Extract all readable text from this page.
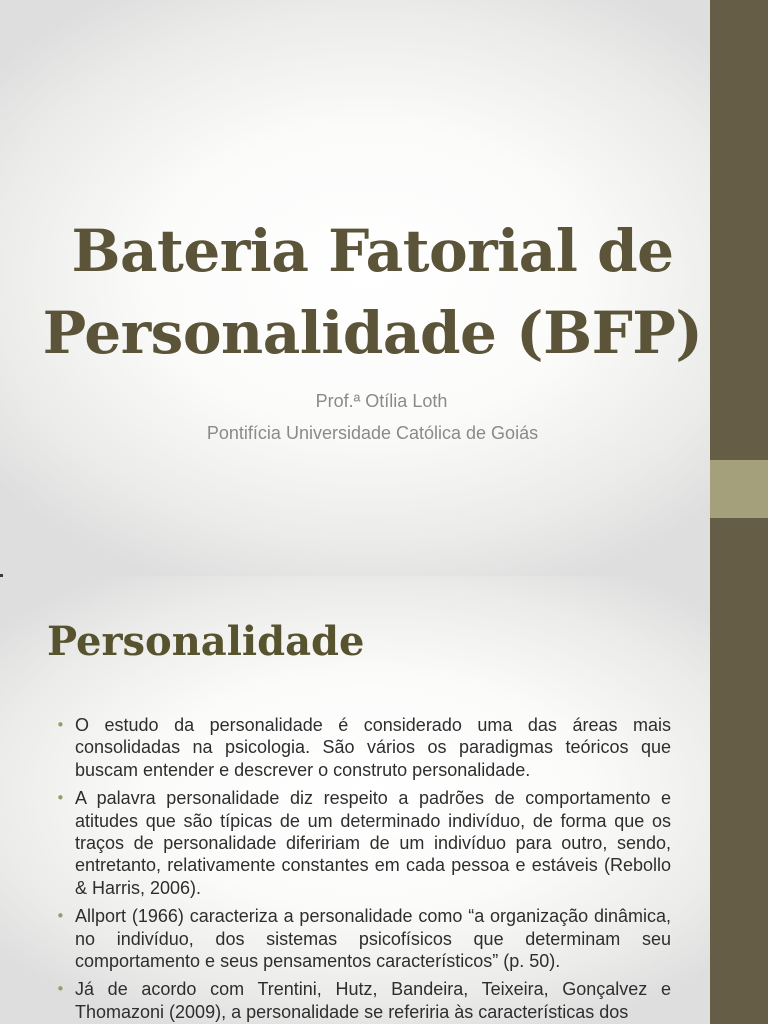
Bateria Fatorial de
Personalidade (BFP)
Prof.ª Otília Loth
Pontifícia Universidade Católica de Goiás
Personalidade
• O estudo da personalidade é considerado uma das áreas mais consolidadas na psicologia. São vários os paradigmas teóricos que buscam entender e descrever o construto personalidade.
• A palavra personalidade diz respeito a padrões de comportamento e atitudes que são típicas de um determinado indivíduo, de forma que os traços de personalidade difeririam de um indivíduo para outro, sendo, entretanto, relativamente constantes em cada pessoa e estáveis (Rebollo & Harris, 2006).
• Allport (1966) caracteriza a personalidade como “a organização dinâmica, no indivíduo, dos sistemas psicofísicos que determinam seu comportamento e seus pensamentos característicos” (p. 50).
• Já de acordo com Trentini, Hutz, Bandeira, Teixeira, Gonçalvez e Thomazoni (2009), a personalidade se referiria às características dos
